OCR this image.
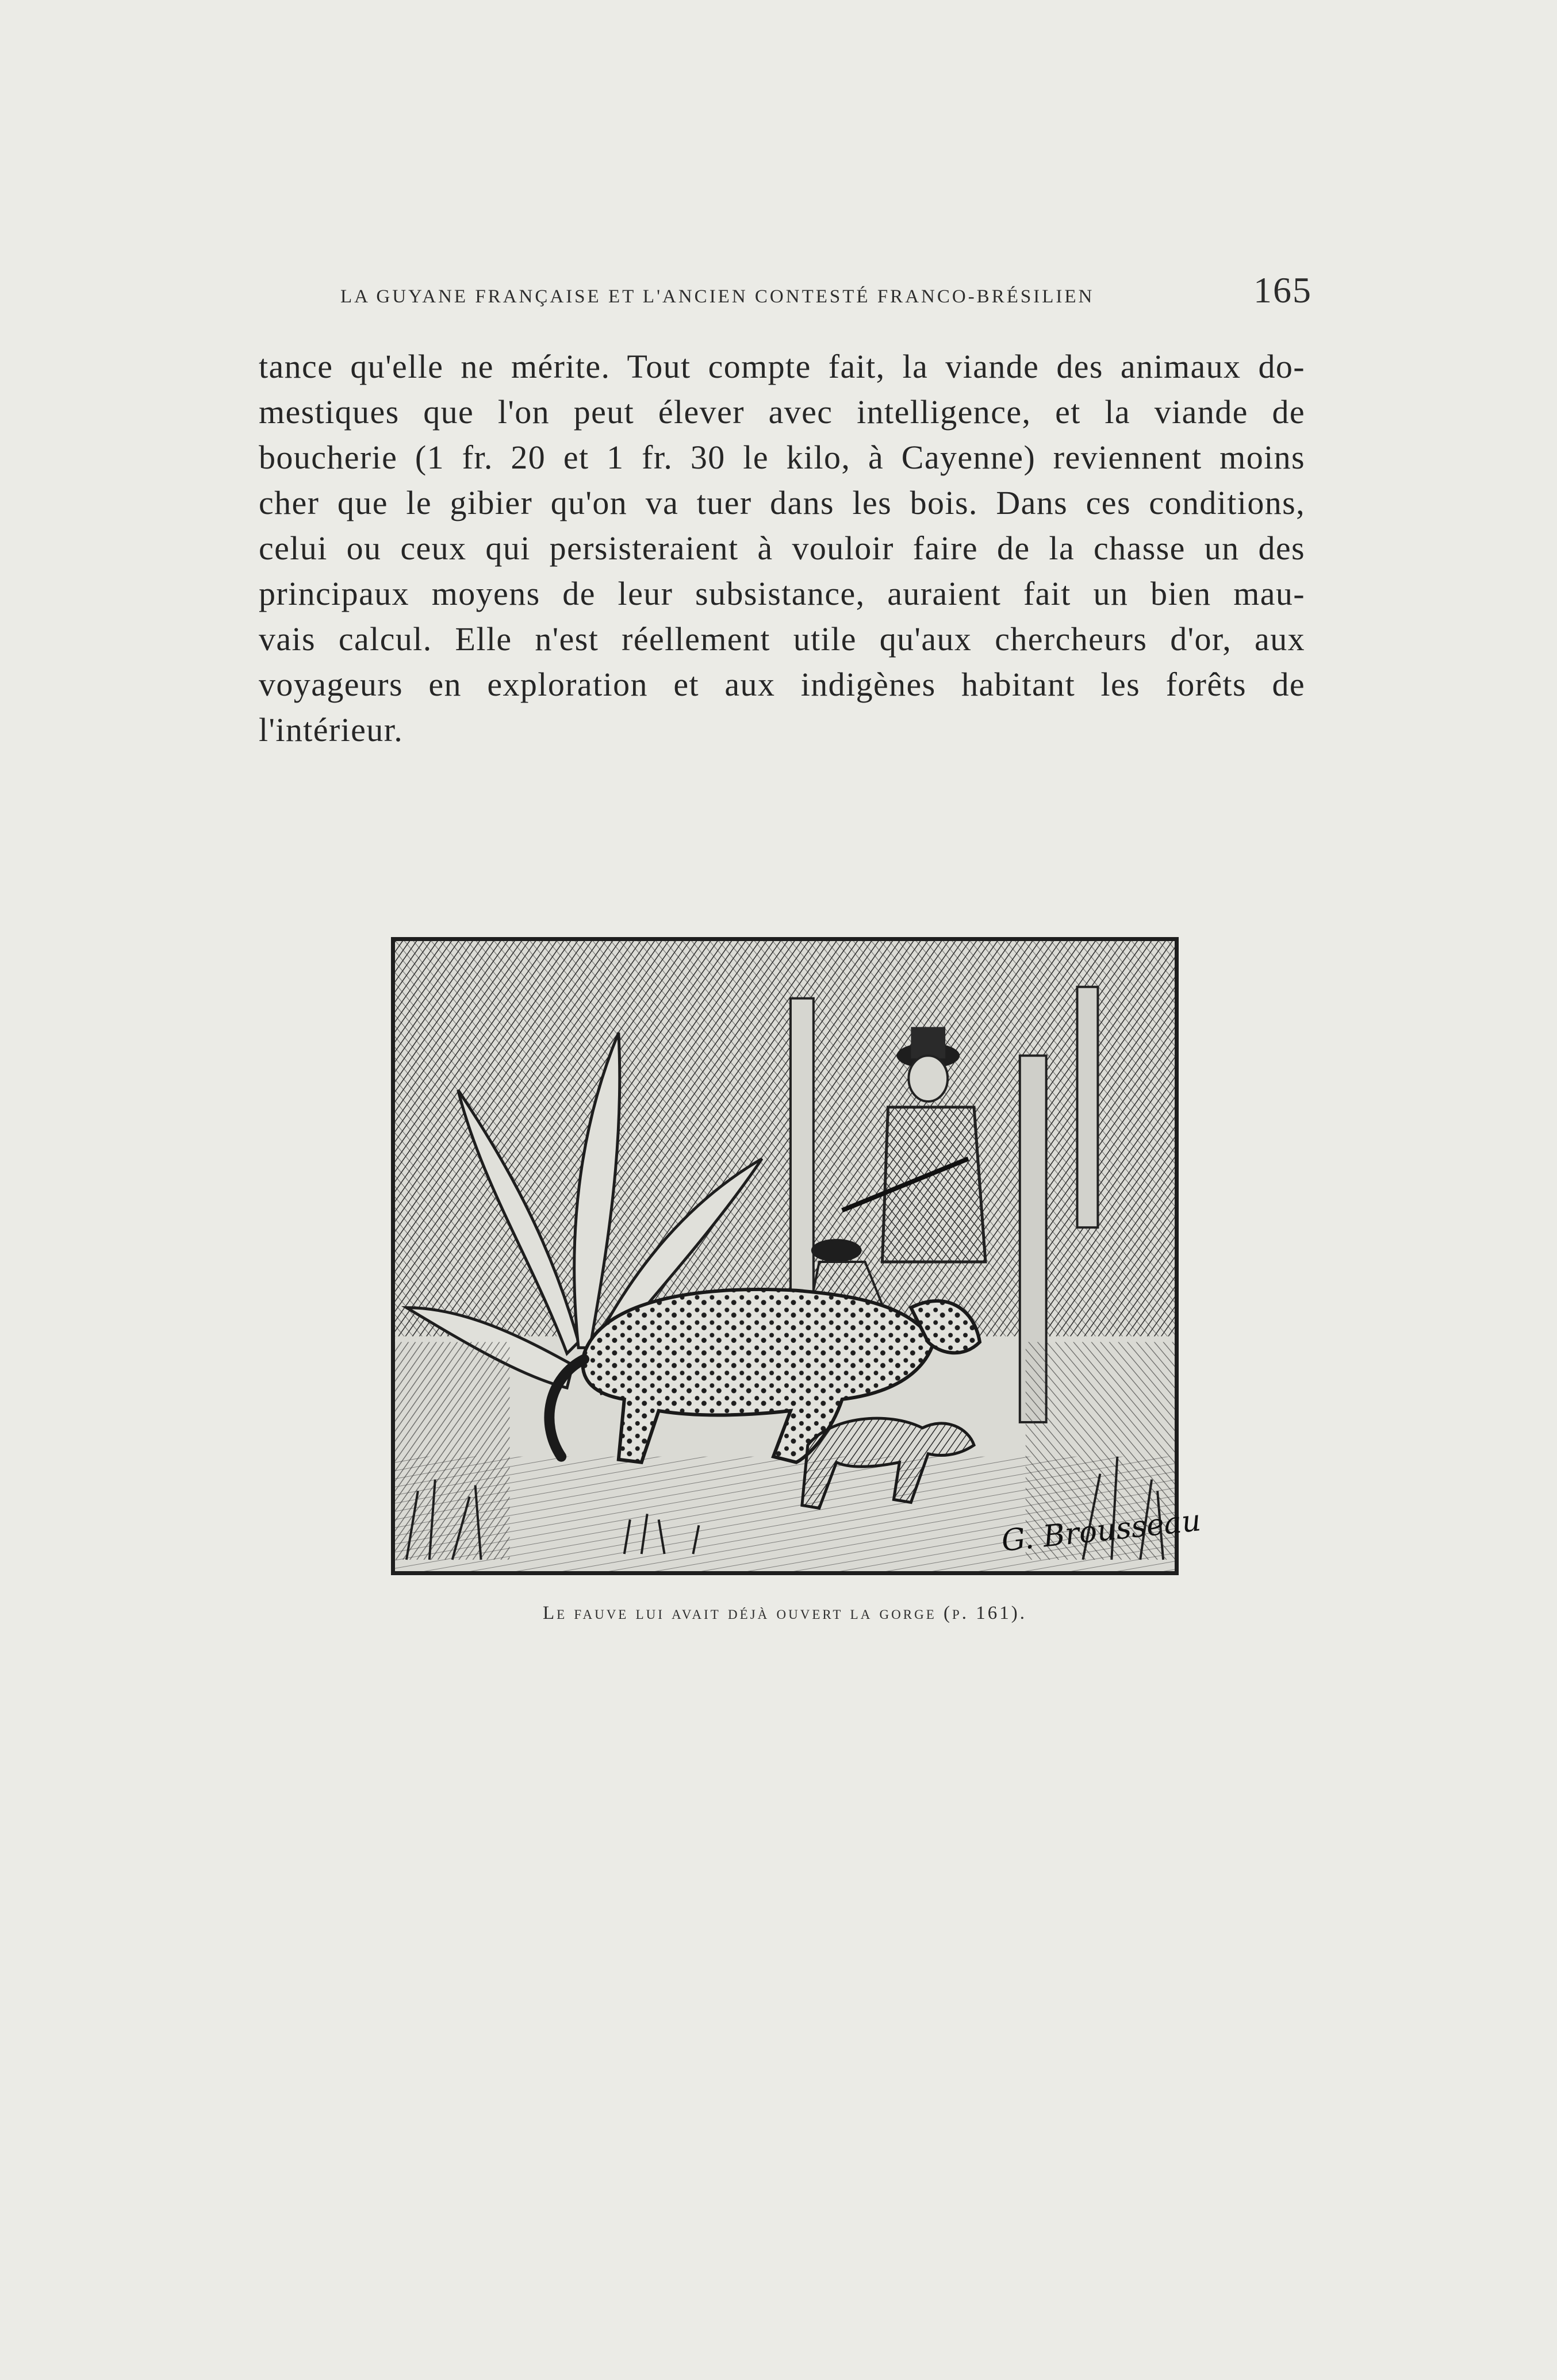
LA GUYANE FRANÇAISE ET L'ANCIEN CONTESTÉ FRANCO-BRÉSILIEN	165
tance qu'elle ne mérite. Tout compte fait, la viande des animaux do-
mestiques que l'on peut élever avec intelligence, et la viande de
boucherie (1 fr. 20 et 1 fr. 30 le kilo, à Cayenne) reviennent moins
cher que le gibier qu'on va tuer dans les bois. Dans ces conditions,
celui ou ceux qui persisteraient à vouloir faire de la chasse un des
principaux moyens de leur subsistance, auraient fait un bien mau-
vais calcul. Elle n'est réellement utile qu'aux chercheurs d'or, aux
voyageurs en exploration et aux indigènes habitant les forêts de
l'intérieur.
G. Brousseau
Le fauve lui avait déjà ouvert la gorge (p. 161).
